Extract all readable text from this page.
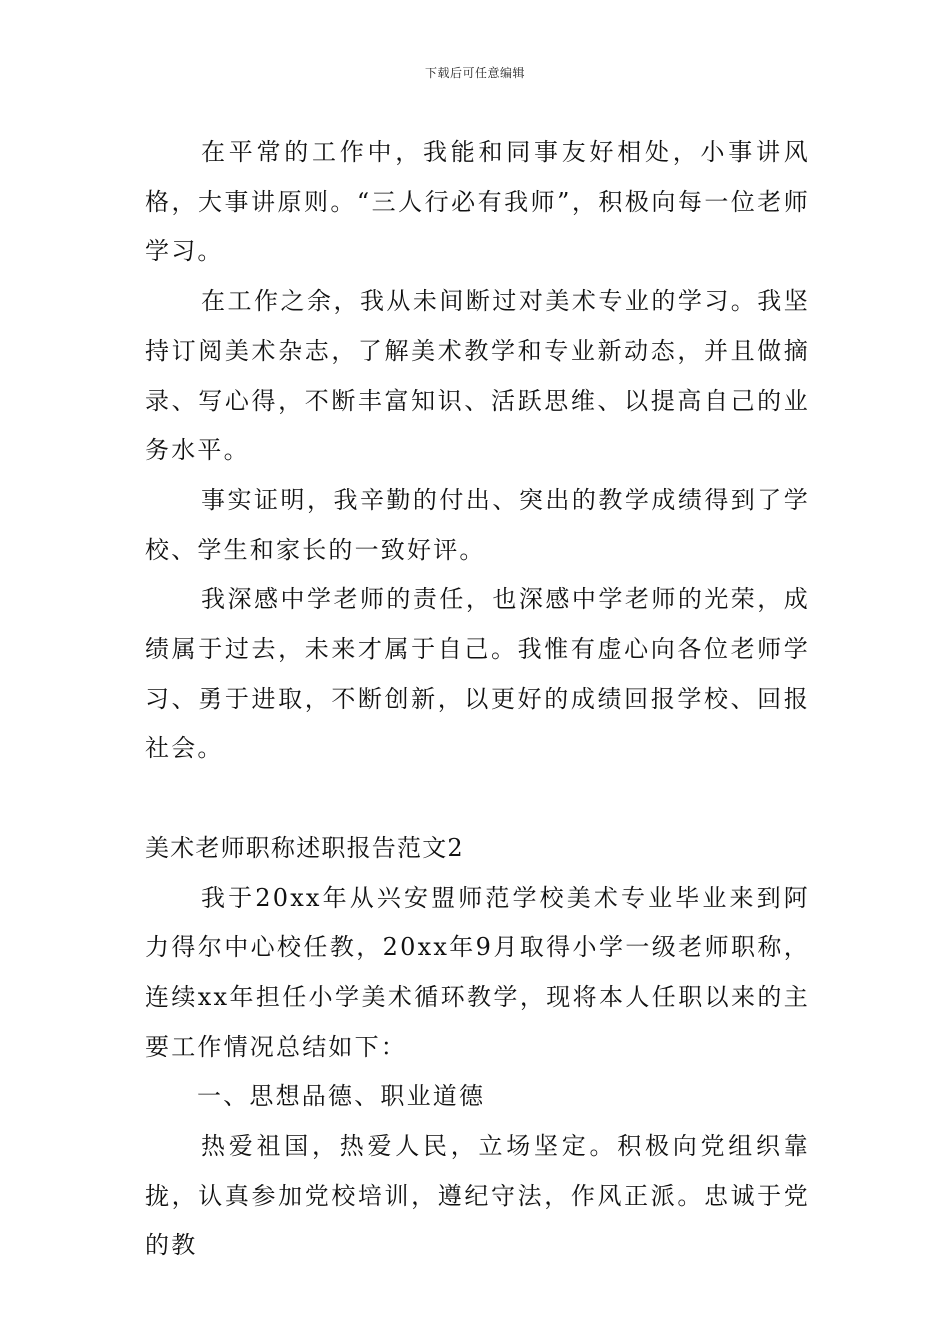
下载后可任意编辑

在平常的工作中，我能和同事友好相处，小事讲风格，大事讲原则。“三人行必有我师”，积极向每一位老师学习。

在工作之余，我从未间断过对美术专业的学习。我坚持订阅美术杂志，了解美术教学和专业新动态，并且做摘录、写心得，不断丰富知识、活跃思维、以提高自己的业务水平。

事实证明，我辛勤的付出、突出的教学成绩得到了学校、学生和家长的一致好评。

我深感中学老师的责任，也深感中学老师的光荣，成绩属于过去，未来才属于自己。我惟有虚心向各位老师学习、勇于进取，不断创新，以更好的成绩回报学校、回报社会。

美术老师职称述职报告范文2

我于20xx年从兴安盟师范学校美术专业毕业来到阿力得尔中心校任教，20xx年9月取得小学一级老师职称，连续xx年担任小学美术循环教学，现将本人任职以来的主要工作情况总结如下：

一、思想品德、职业道德

热爱祖国，热爱人民，立场坚定。积极向党组织靠拢，认真参加党校培训，遵纪守法，作风正派。忠诚于党的教
